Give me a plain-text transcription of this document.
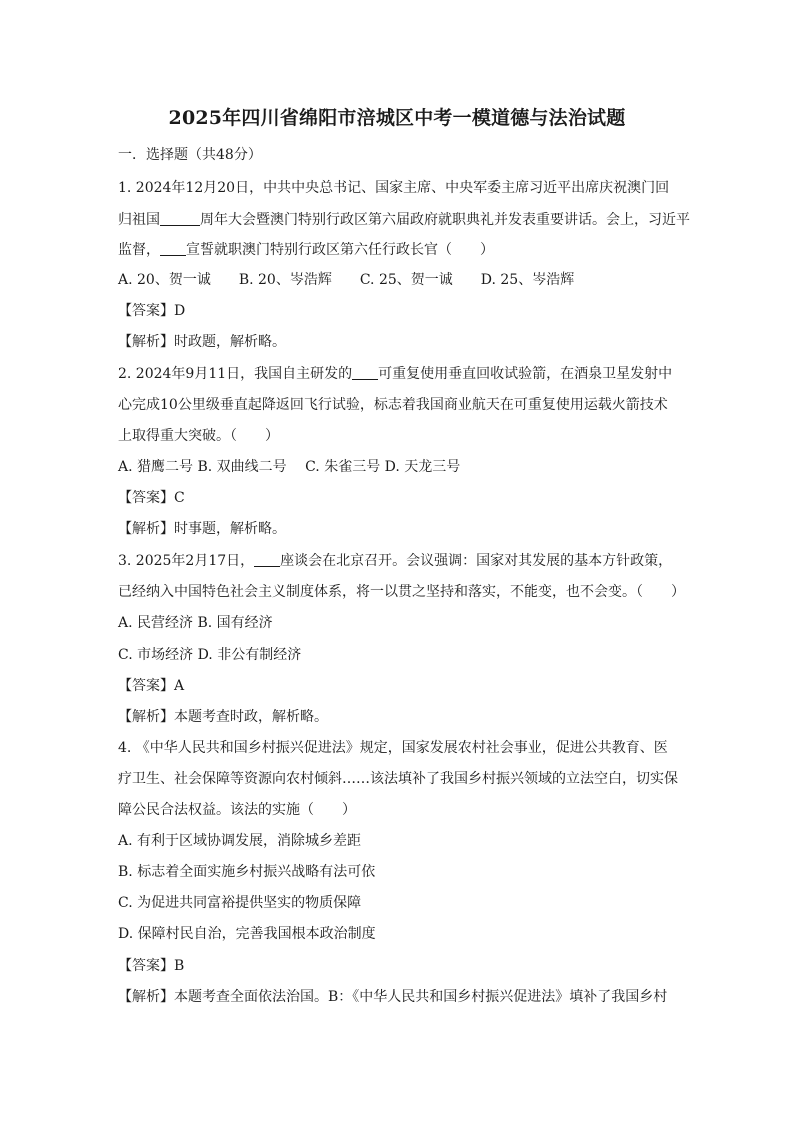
2025年四川省绵阳市涪城区中考一模道德与法治试题
一．选择题（共48分）
1. 2024年12月20日，中共中央总书记、国家主席、中央军委主席习近平出席庆祝澳门回
归祖国	周年大会暨澳门特别行政区第六届政府就职典礼并发表重要讲话。会上，习近平
监督， 宣誓就职澳门特别行政区第六任行政长官（　　）
A. 20、贺一诚　　B. 20、岑浩辉　　C. 25、贺一诚　　D. 25、岑浩辉
【答案】D
【解析】时政题，解析略。
2. 2024年9月11日，我国自主研发的 可重复使用垂直回收试验箭，在酒泉卫星发射中
心完成10公里级垂直起降返回飞行试验，标志着我国商业航天在可重复使用运载火箭技术
上取得重大突破。（　　）
A. 猎鹰二号 B. 双曲线二号　 C. 朱雀三号 D. 天龙三号
【答案】C
【解析】时事题，解析略。
3. 2025年2月17日， 座谈会在北京召开。会议强调：国家对其发展的基本方针政策，
已经纳入中国特色社会主义制度体系，将一以贯之坚持和落实，不能变，也不会变。（　　）
A. 民营经济 B. 国有经济
C. 市场经济 D. 非公有制经济
【答案】A
【解析】本题考查时政，解析略。
4. 《中华人民共和国乡村振兴促进法》规定，国家发展农村社会事业，促进公共教育、医
疗卫生、社会保障等资源向农村倾斜……该法填补了我国乡村振兴领域的立法空白，切实保
障公民合法权益。该法的实施（　　）
A. 有利于区域协调发展，消除城乡差距
B. 标志着全面实施乡村振兴战略有法可依
C. 为促进共同富裕提供坚实的物质保障
D. 保障村民自治，完善我国根本政治制度
【答案】B
【解析】本题考查全面依法治国。B：《中华人民共和国乡村振兴促进法》填补了我国乡村
